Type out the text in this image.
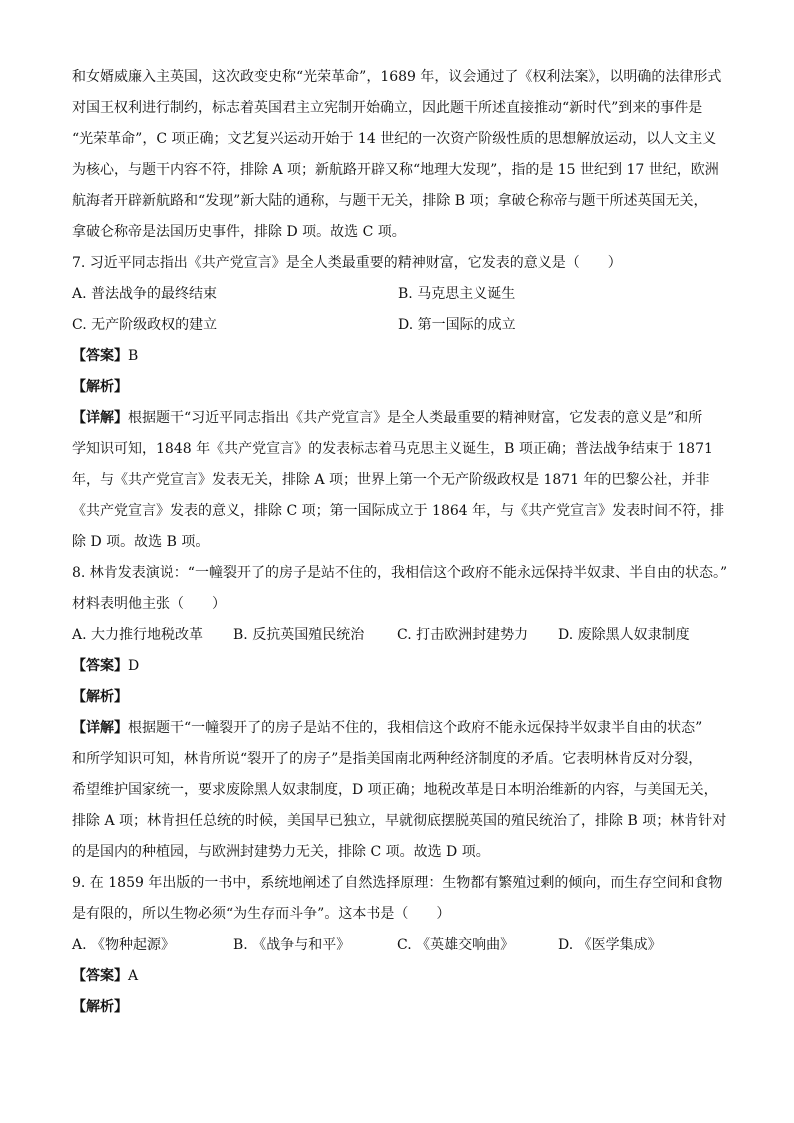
和女婿威廉入主英国，这次政变史称“光荣革命”，1689 年，议会通过了《权利法案》，以明确的法律形式
对国王权利进行制约，标志着英国君主立宪制开始确立，因此题干所述直接推动“新时代”到来的事件是
“光荣革命”，C 项正确；文艺复兴运动开始于 14 世纪的一次资产阶级性质的思想解放运动，以人文主义
为核心，与题干内容不符，排除 A 项；新航路开辟又称“地理大发现”，指的是 15 世纪到 17 世纪，欧洲
航海者开辟新航路和“发现”新大陆的通称，与题干无关，排除 B 项；拿破仑称帝与题干所述英国无关，
拿破仑称帝是法国历史事件，排除 D 项。故选 C 项。
7. 习近平同志指出《共产党宣言》是全人类最重要的精神财富，它发表的意义是（　　）
A. 普法战争的最终结束	B. 马克思主义诞生
C. 无产阶级政权的建立	D. 第一国际的成立
【答案】B
【解析】
【详解】根据题干“习近平同志指出《共产党宣言》是全人类最重要的精神财富，它发表的意义是”和所
学知识可知，1848 年《共产党宣言》的发表标志着马克思主义诞生，B 项正确；普法战争结束于 1871
年，与《共产党宣言》发表无关，排除 A 项；世界上第一个无产阶级政权是 1871 年的巴黎公社，并非
《共产党宣言》发表的意义，排除 C 项；第一国际成立于 1864 年，与《共产党宣言》发表时间不符，排
除 D 项。故选 B 项。
8. 林肯发表演说：“一幢裂开了的房子是站不住的，我相信这个政府不能永远保持半奴隶、半自由的状态。”
材料表明他主张（　　）
A. 大力推行地税改革 B. 反抗英国殖民统治 C. 打击欧洲封建势力 D. 废除黑人奴隶制度
【答案】D
【解析】
【详解】根据题干“一幢裂开了的房子是站不住的，我相信这个政府不能永远保持半奴隶半自由的状态”
和所学知识可知，林肯所说“裂开了的房子”是指美国南北两种经济制度的矛盾。它表明林肯反对分裂，
希望维护国家统一，要求废除黑人奴隶制度，D 项正确；地税改革是日本明治维新的内容，与美国无关，
排除 A 项；林肯担任总统的时候，美国早已独立，早就彻底摆脱英国的殖民统治了，排除 B 项；林肯针对
的是国内的种植园，与欧洲封建势力无关，排除 C 项。故选 D 项。
9. 在 1859 年出版的一书中，系统地阐述了自然选择原理：生物都有繁殖过剩的倾向，而生存空间和食物
是有限的，所以生物必须“为生存而斗争”。这本书是（　　）
A. 《物种起源》	B. 《战争与和平》	C. 《英雄交响曲》	D. 《医学集成》
【答案】A
【解析】
